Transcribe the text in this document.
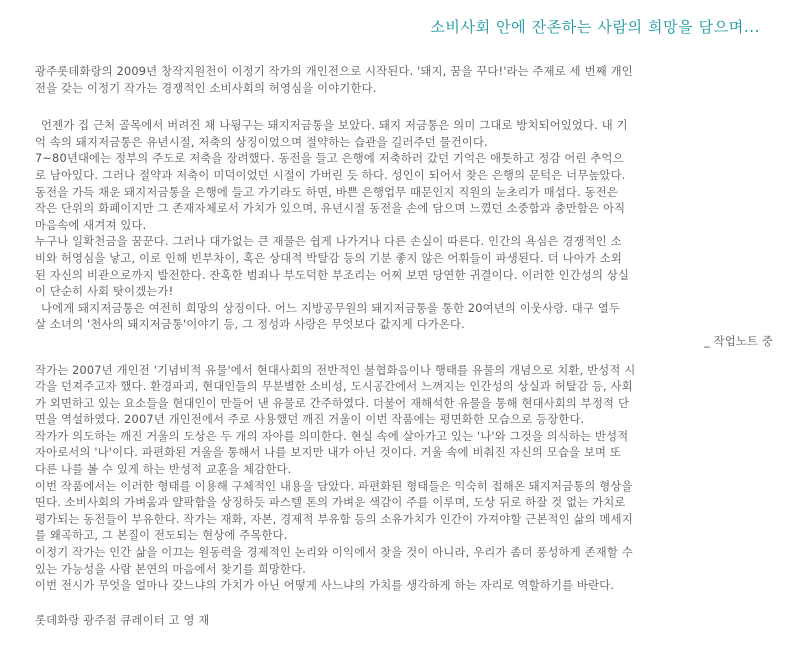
소비사회 안에 잔존하는 사람의 희망을 담으며...

광주롯데화랑의 2009년 창작지원전이 이정기 작가의 개인전으로 시작된다. '돼지, 꿈을 꾸다!'라는 주제로 세 번째 개인

전을 갖는 이정기 작가는 경쟁적인 소비사회의 허영심을 이야기한다.

언젠가 집 근처 골목에서 버려진 채 나뒹구는 돼지저금통을 보았다. 돼지 저금통은 의미 그대로 방치되어있었다. 내 기

억 속의 돼지저금통은 유년시절, 저축의 상징이었으며 절약하는 습관을 길러주던 물건이다.

7~80년대에는 정부의 주도로 저축을 장려했다. 동전을 들고 은행에 저축하러 갔던 기억은 애틋하고 정감 어린 추억으

로 남아있다. 그러나 절약과 저축이 미덕이었던 시절이 가버린 듯 하다. 성인이 되어서 찾은 은행의 문턱은 너무높았다.

동전을 가득 채운 돼지저금통을 은행에 들고 가기라도 하면, 바쁜 은행업무 때문인지 직원의 눈초리가 매섭다. 동전은

작은 단위의 화폐이지만 그 존재자체로서 가치가 있으며, 유년시절 동전을 손에 담으며 느꼈던 소중함과 충만함은 아직

마음속에 새겨져 있다.

누구나 일확천금을 꿈꾼다. 그러나 대가없는 큰 재물은 쉽게 나가거나 다른 손실이 따른다. 인간의 욕심은 경쟁적인 소

비와 허영심을 낳고, 이로 인해 빈부차이, 혹은 상대적 박탈감 등의 기분 좋지 않은 어휘들이 파생된다. 더 나아가 소외

된 자신의 비관으로까지 발전한다. 잔혹한 범죄나 부도덕한 부조리는 어찌 보면 당연한 귀결이다. 이러한 인간성의 상실

이 단순히 사회 탓이겠는가!

나에게 돼지저금통은 여전히 희망의 상징이다. 어느 지방공무원의 돼지저금통을 통한 20여년의 이웃사랑. 대구 열두

살 소녀의 '천사의 돼지저금통'이야기 등, 그 정성과 사랑은 무엇보다 값지게 다가온다.

_ 작업노트 중

작가는 2007년 개인전 '기념비적 유물'에서 현대사회의 전반적인 불협화음이나 행태를 유물의 개념으로 치환, 반성적 시

각을 던져주고자 했다. 환경파괴, 현대인들의 무분별한 소비성, 도시공간에서 느껴지는 인간성의 상실과 허탈감 등, 사회

가 외면하고 있는 요소들을 현대인이 만들어 낸 유물로 간주하였다. 더불어 재해석한 유물을 통해 현대사회의 부정적 단

면을 역설하였다. 2007년 개인전에서 주로 사용했던 깨진 거울이 이번 작품에는 평면화한 모습으로 등장한다.

작가가 의도하는 깨진 거울의 도상은 두 개의 자아를 의미한다. 현실 속에 살아가고 있는 '나'와 그것을 의식하는 반성적

자아로서의 '나'이다. 파편화된 거울을 통해서 나를 보지만 내가 아닌 것이다. 거울 속에 비춰진 자신의 모습을 보며 또

다른 나를 볼 수 있게 하는 반성적 교훈을 체감한다.

이번 작품에서는 이러한 형태를 이용해 구체적인 내용을 담았다. 파편화된 형태들은 익숙히 접해온 돼지저금통의 형상을

띤다. 소비사회의 가벼움과 얄팍함을 상징하듯 파스텔 톤의 가벼운 색감이 주를 이루며, 도상 뒤로 하잘 것 없는 가치로

평가되는 동전들이 부유한다. 작가는 재화, 자본, 경제적 부유함 등의 소유가치가 인간이 가져야할 근본적인 삶의 메세지

를 왜곡하고, 그 본질이 전도되는 현상에 주목한다.

이정기 작가는 인간 삶을 이끄는 원동력을 경제적인 논리와 이익에서 찾을 것이 아니라, 우리가 좀더 풍성하게 존재할 수

있는 가능성을 사람 본연의 마음에서 찾기를 희망한다.

이번 전시가 무엇을 얼마나 갖느냐의 가치가 아닌 어떻게 사느냐의 가치를 생각하게 하는 자리로 역할하기를 바란다.

롯데화랑 광주점 큐레이터 고 영 재
